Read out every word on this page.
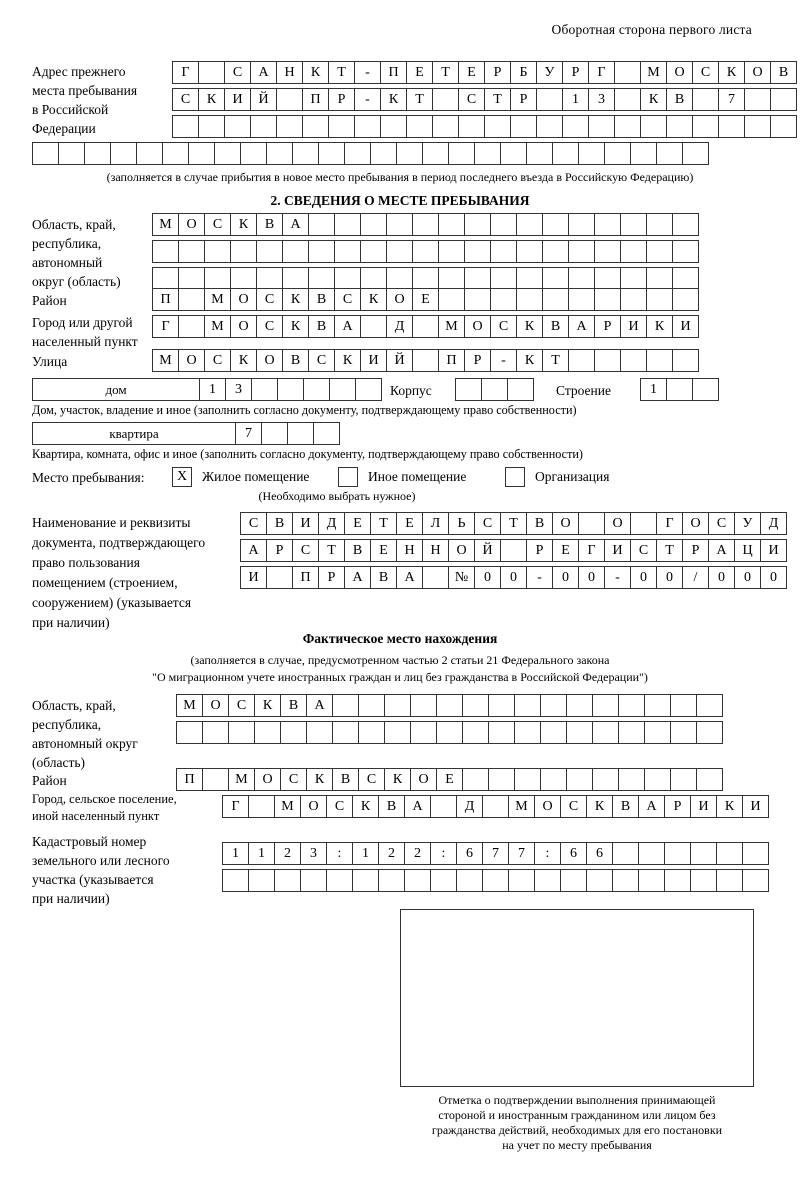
Оборотная сторона первого листа
Адрес прежнего
места пребывания
в Российской
Федерации
Г	С	А	Н	К	Т	-	П	Е	Т	Е	Р	Б	У	Р	Г	М	О	С	К	О	В
С	К	И	Й	П	Р	-	К	Т	С	Т	Р	1	3	К	В	7
(заполняется в случае прибытия в новое место пребывания в период последнего въезда в Российскую Федерацию)
2. СВЕДЕНИЯ О МЕСТЕ ПРЕБЫВАНИЯ
Область, край,
республика,
автономный
округ (область)
М	О	С	К	В	А
Район	П	М	О	С	К	В	С	К	О	Е
Город или другой
населенный пункт
Г	М	О	С	К	В	А	Д	М	О	С	К	В	А	Р	И	К	И
Улица	М	О	С	К	О	В	С	К	И	Й	П	Р	-	К	Т
дом	1	3	Корпус	Строение	1
Дом, участок, владение и иное (заполнить согласно документу, подтверждающему право собственности)
квартира	7
Квартира, комната, офис и иное (заполнить согласно документу, подтверждающему право собственности)
Место пребывания:	Х Жилое помещение	Иное помещение	Организация
(Необходимо выбрать нужное)
Наименование и реквизиты
документа, подтверждающего
право пользования
помещением (строением,
сооружением) (указывается
при наличии)
С	В	И	Д	Е	Т	Е	Л	Ь	С	Т	В	О	О	Г	О	С	У	Д
А	Р	С	Т	В	Е	Н	Н	О	Й	Р	Е	Г	И	С	Т	Р	А	Ц	И
И	П	Р	А	В	А	№	0	0	-	0	0	-	0	0	/	0	0	0
Фактическое место нахождения
(заполняется в случае, предусмотренном частью 2 статьи 21 Федерального закона
"О миграционном учете иностранных граждан и лиц без гражданства в Российской Федерации")
Область, край,
республика,
автономный округ
(область)
М	О	С	К	В	А
Район	П	М	О	С	К	В	С	К	О	Е
Город, сельское поселение,
иной населенный пункт
Г	М	О	С	К	В	А	Д	М	О	С	К	В	А	Р	И	К	И
Кадастровый номер
земельного или лесного
участка (указывается
при наличии)
1	1	2	3	:	1	2	2	:	6	7	7	:	6	6
Отметка о подтверждении выполнения принимающей
стороной и иностранным гражданином или лицом без
гражданства действий, необходимых для его постановки
на учет по месту пребывания
